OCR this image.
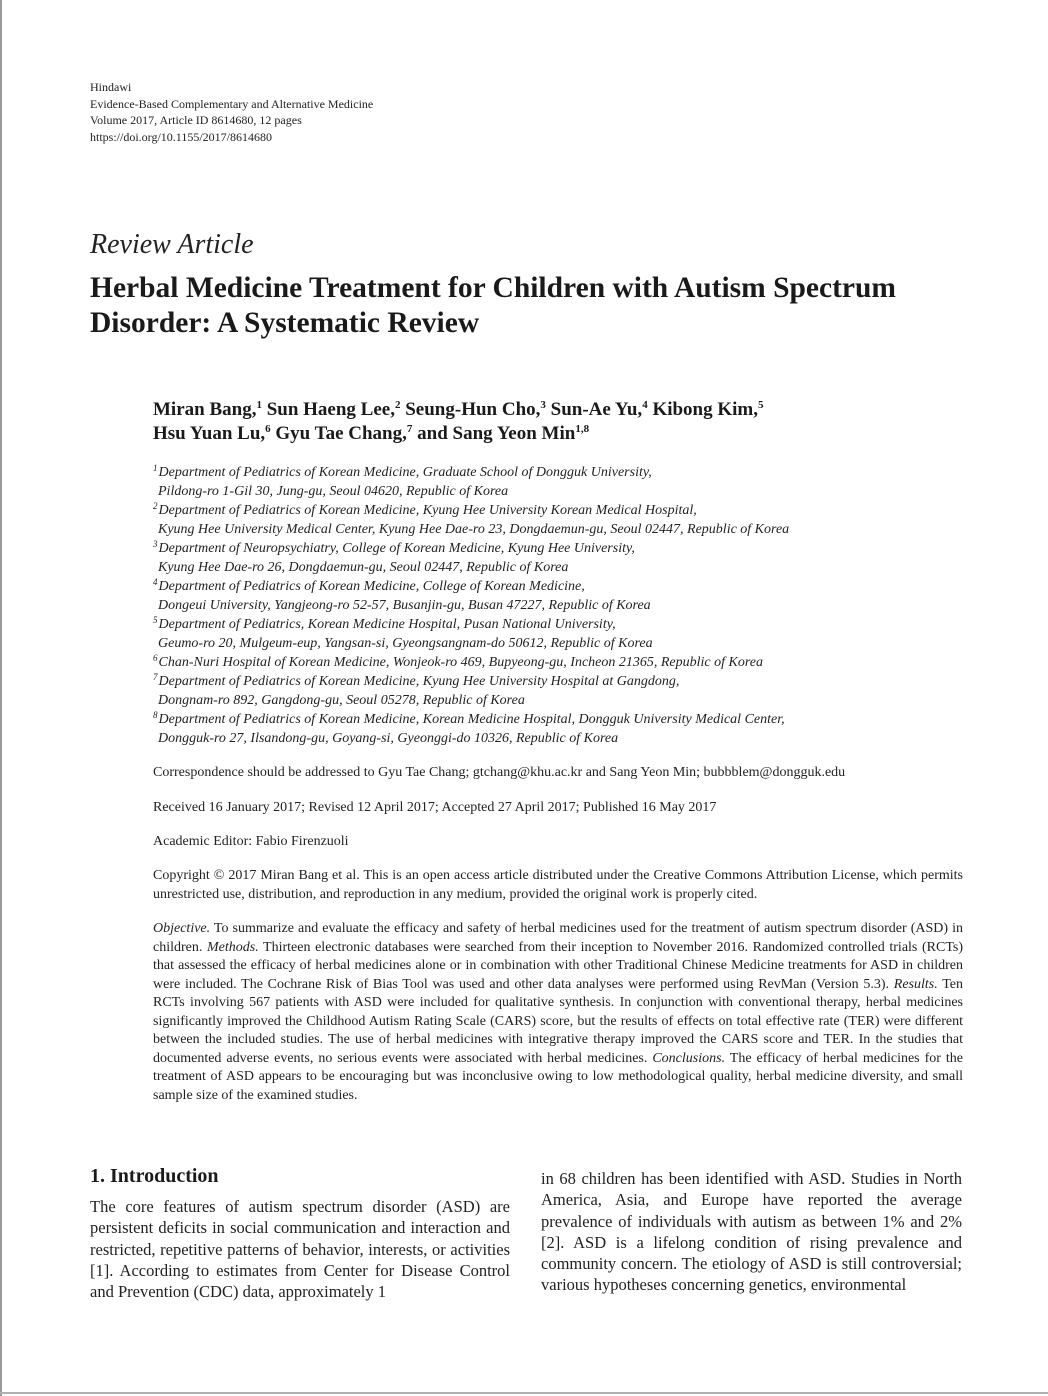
Hindawi
Evidence-Based Complementary and Alternative Medicine
Volume 2017, Article ID 8614680, 12 pages
https://doi.org/10.1155/2017/8614680
Review Article
Herbal Medicine Treatment for Children with Autism Spectrum Disorder: A Systematic Review
Miran Bang,$^1$ Sun Haeng Lee,$^2$ Seung-Hun Cho,$^3$ Sun-Ae Yu,$^4$ Kibong Kim,$^5$
Hsu Yuan Lu,$^6$ Gyu Tae Chang,$^7$ and Sang Yeon Min$^{1,8}$
$^1$Department of Pediatrics of Korean Medicine, Graduate School of Dongguk University,
Pildong-ro 1-Gil 30, Jung-gu, Seoul 04620, Republic of Korea
$^2$Department of Pediatrics of Korean Medicine, Kyung Hee University Korean Medical Hospital,
Kyung Hee University Medical Center, Kyung Hee Dae-ro 23, Dongdaemun-gu, Seoul 02447, Republic of Korea
$^3$Department of Neuropsychiatry, College of Korean Medicine, Kyung Hee University,
Kyung Hee Dae-ro 26, Dongdaemun-gu, Seoul 02447, Republic of Korea
$^4$Department of Pediatrics of Korean Medicine, College of Korean Medicine,
Dongeui University, Yangjeong-ro 52-57, Busanjin-gu, Busan 47227, Republic of Korea
$^5$Department of Pediatrics, Korean Medicine Hospital, Pusan National University,
Geumo-ro 20, Mulgeum-eup, Yangsan-si, Gyeongsangnam-do 50612, Republic of Korea
$^6$Chan-Nuri Hospital of Korean Medicine, Wonjeok-ro 469, Bupyeong-gu, Incheon 21365, Republic of Korea
$^7$Department of Pediatrics of Korean Medicine, Kyung Hee University Hospital at Gangdong,
Dongnam-ro 892, Gangdong-gu, Seoul 05278, Republic of Korea
$^8$Department of Pediatrics of Korean Medicine, Korean Medicine Hospital, Dongguk University Medical Center,
Dongguk-ro 27, Ilsandong-gu, Goyang-si, Gyeonggi-do 10326, Republic of Korea
Correspondence should be addressed to Gyu Tae Chang; gtchang@khu.ac.kr and Sang Yeon Min; bubbblem@dongguk.edu
Received 16 January 2017; Revised 12 April 2017; Accepted 27 April 2017; Published 16 May 2017
Academic Editor: Fabio Firenzuoli
Copyright © 2017 Miran Bang et al. This is an open access article distributed under the Creative Commons Attribution License, which permits unrestricted use, distribution, and reproduction in any medium, provided the original work is properly cited.
Objective. To summarize and evaluate the efficacy and safety of herbal medicines used for the treatment of autism spectrum disorder (ASD) in children. Methods. Thirteen electronic databases were searched from their inception to November 2016. Randomized controlled trials (RCTs) that assessed the efficacy of herbal medicines alone or in combination with other Traditional Chinese Medicine treatments for ASD in children were included. The Cochrane Risk of Bias Tool was used and other data analyses were performed using RevMan (Version 5.3). Results. Ten RCTs involving 567 patients with ASD were included for qualitative synthesis. In conjunction with conventional therapy, herbal medicines significantly improved the Childhood Autism Rating Scale (CARS) score, but the results of effects on total effective rate (TER) were different between the included studies. The use of herbal medicines with integrative therapy improved the CARS score and TER. In the studies that documented adverse events, no serious events were associated with herbal medicines. Conclusions. The efficacy of herbal medicines for the treatment of ASD appears to be encouraging but was inconclusive owing to low methodological quality, herbal medicine diversity, and small sample size of the examined studies.
1. Introduction
The core features of autism spectrum disorder (ASD) are persistent deficits in social communication and interaction and restricted, repetitive patterns of behavior, interests, or activities [1]. According to estimates from Center for Disease Control and Prevention (CDC) data, approximately 1
in 68 children has been identified with ASD. Studies in North America, Asia, and Europe have reported the average prevalence of individuals with autism as between 1% and 2% [2]. ASD is a lifelong condition of rising prevalence and community concern. The etiology of ASD is still controversial; various hypotheses concerning genetics, environmental
